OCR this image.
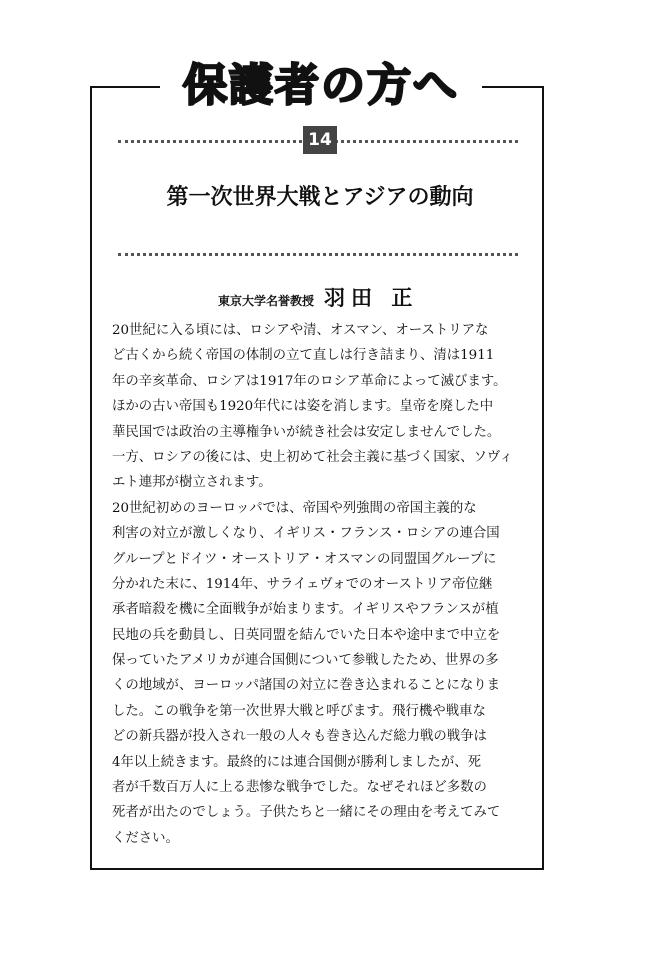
保護者の方へ
14
第一次世界大戦とアジアの動向
東京大学名誉教授 羽田 正
20世紀に入る頃には、ロシアや清、オスマン、オーストリアな
ど古くから続く帝国の体制の立て直しは行き詰まり、清は1911
年の辛亥革命、ロシアは1917年のロシア革命によって滅びます。
ほかの古い帝国も1920年代には姿を消します。皇帝を廃した中
華民国では政治の主導権争いが続き社会は安定しませんでした。
一方、ロシアの後には、史上初めて社会主義に基づく国家、ソヴィ
エト連邦が樹立されます。
20世紀初めのヨーロッパでは、帝国や列強間の帝国主義的な
利害の対立が激しくなり、イギリス・フランス・ロシアの連合国
グループとドイツ・オーストリア・オスマンの同盟国グループに
分かれた末に、1914年、サライェヴォでのオーストリア帝位継
承者暗殺を機に全面戦争が始まります。イギリスやフランスが植
民地の兵を動員し、日英同盟を結んでいた日本や途中まで中立を
保っていたアメリカが連合国側について参戦したため、世界の多
くの地域が、ヨーロッパ諸国の対立に巻き込まれることになりま
した。この戦争を第一次世界大戦と呼びます。飛行機や戦車な
どの新兵器が投入され一般の人々も巻き込んだ総力戦の戦争は
4年以上続きます。最終的には連合国側が勝利しましたが、死
者が千数百万人に上る悲惨な戦争でした。なぜそれほど多数の
死者が出たのでしょう。子供たちと一緒にその理由を考えてみて
ください。
